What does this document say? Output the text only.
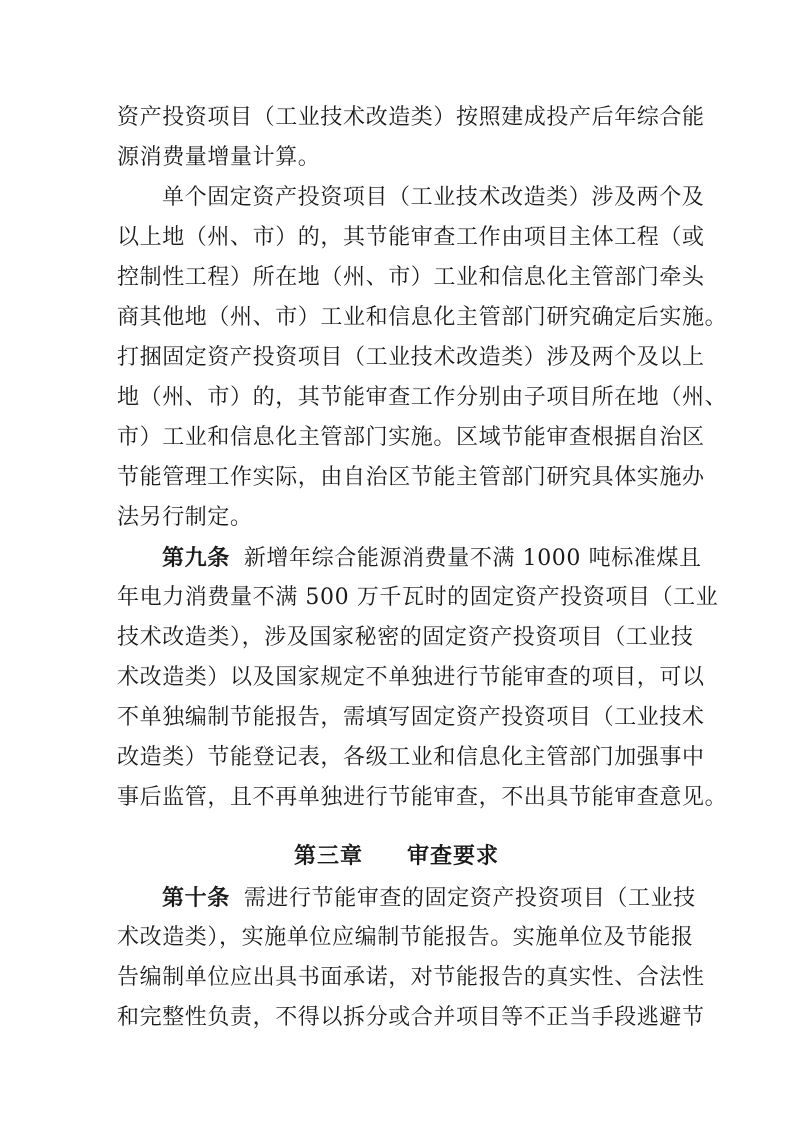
资产投资项目（工业技术改造类）按照建成投产后年综合能
源消费量增量计算。
单个固定资产投资项目（工业技术改造类）涉及两个及
以上地（州、市）的，其节能审查工作由项目主体工程（或
控制性工程）所在地（州、市）工业和信息化主管部门牵头
商其他地（州、市）工业和信息化主管部门研究确定后实施。
打捆固定资产投资项目（工业技术改造类）涉及两个及以上
地（州、市）的，其节能审查工作分别由子项目所在地（州、
市）工业和信息化主管部门实施。区域节能审查根据自治区
节能管理工作实际，由自治区节能主管部门研究具体实施办
法另行制定。
第九条 新增年综合能源消费量不满 1000 吨标准煤且
年电力消费量不满 500 万千瓦时的固定资产投资项目（工业
技术改造类），涉及国家秘密的固定资产投资项目（工业技
术改造类）以及国家规定不单独进行节能审查的项目，可以
不单独编制节能报告，需填写固定资产投资项目（工业技术
改造类）节能登记表，各级工业和信息化主管部门加强事中
事后监管，且不再单独进行节能审查，不出具节能审查意见。
第三章 审查要求
第十条 需进行节能审查的固定资产投资项目（工业技
术改造类），实施单位应编制节能报告。实施单位及节能报
告编制单位应出具书面承诺，对节能报告的真实性、合法性
和完整性负责，不得以拆分或合并项目等不正当手段逃避节
